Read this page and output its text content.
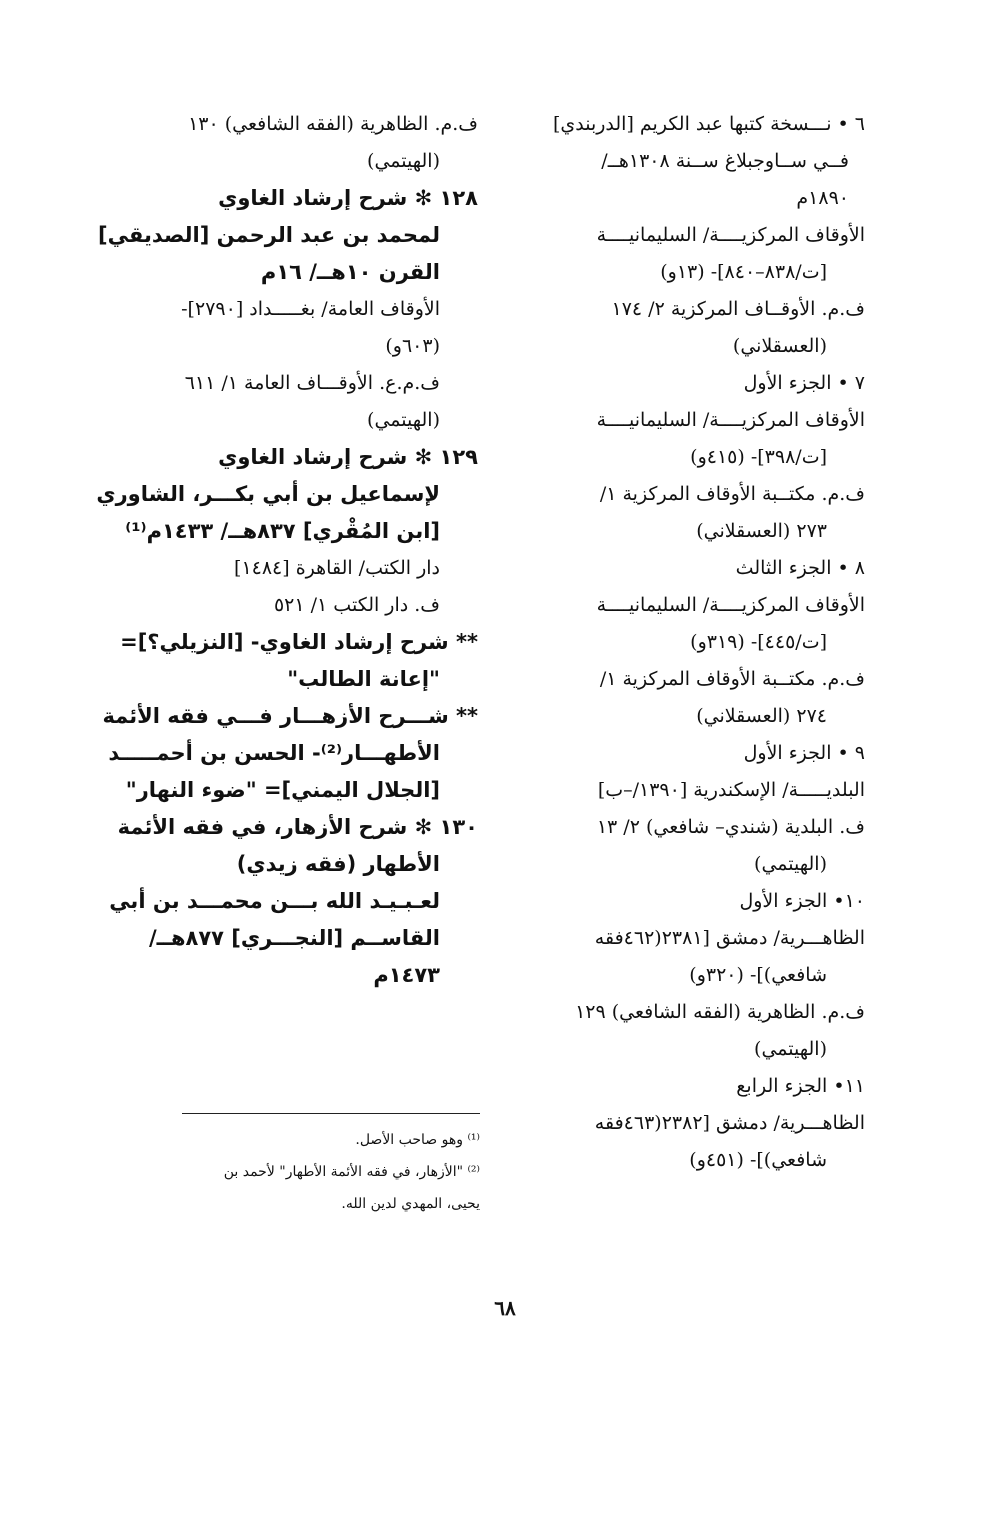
٦ • نـــسخة كتبها عبد الكريم [الدربندي]
فــي ســاوجبلاغ ســنة ١٣٠٨هــ/
١٨٩٠م
الأوقاف المركزيــــة/ السليمانيــــة
[ت/٨٣٨–٨٤٠]- (١٣و)
ف.م. الأوقــاف المركزية ٢/ ١٧٤
(العسقلاني)
٧ • الجزء الأول
الأوقاف المركزيــــة/ السليمانيــــة
[ت/٣٩٨]- (٤١٥و)
ف.م. مكتــبة الأوقاف المركزية ١/
٢٧٣ (العسقلاني)
٨ • الجزء الثالث
الأوقاف المركزيــــة/ السليمانيــــة
[ت/٤٤٥]- (٣١٩و)
ف.م. مكتــبة الأوقاف المركزية ١/
٢٧٤ (العسقلاني)
٩ • الجزء الأول
البلديـــــة/ الإسكندرية [١٣٩٠/–ب]
ف. البلدية (شندي– شافعي) ٢/ ١٣
(الهيتمي)
١٠• الجزء الأول
الظاهـــرية/ دمشق [٢٣٨١(٤٦٢فقه
شافعي)]- (٣٢٠و)
ف.م. الظاهرية (الفقه الشافعي) ١٢٩
(الهيتمي)
١١• الجزء الرابع
الظاهـــرية/ دمشق [٢٣٨٢(٤٦٣فقه
شافعي)]- (٤٥١و)
ف.م. الظاهرية (الفقه الشافعي) ١٣٠
(الهيتمي)
١٢٨ ✻ شرح إرشاد الغاوي
لمحمد بن عبد الرحمن [الصديقي]
القرن ١٠هــ/ ١٦م
الأوقاف العامة/ بغـــــداد [٢٧٩٠]-
(٦٠٣و)
ف.م.ع. الأوقـــاف العامة ١/ ٦١١
(الهيتمي)
١٢٩ ✻ شرح إرشاد الغاوي
لإسماعيل بن أبي بكـــر، الشاوري
[ابن المُقْري] ٨٣٧هــ/ ١٤٣٣م⁽¹⁾
دار الكتب/ القاهرة [١٤٨٤]
ف. دار الكتب ١/ ٥٢١
** شرح إرشاد الغاوي- [النزيلي؟]=
"إعانة الطالب"
** شـــرح الأزهـــار فـــي فقه الأئمة
الأطهـــار⁽²⁾- الحسن بن أحمـــــد
[الجلال اليمني]= "ضوء النهار"
١٣٠ ✻ شرح الأزهار، في فقه الأئمة
الأطهار (فقه زيدي)
لعـبـيـد الله بـــن محمـــد بن أبي
القاســم [النجـــري] ٨٧٧هــ/
١٤٧٣م
⁽¹⁾ وهو صاحب الأصل.
⁽²⁾ "الأزهار، في فقه الأئمة الأطهار" لأحمد بن
يحيى، المهدي لدين الله.
٦٨
